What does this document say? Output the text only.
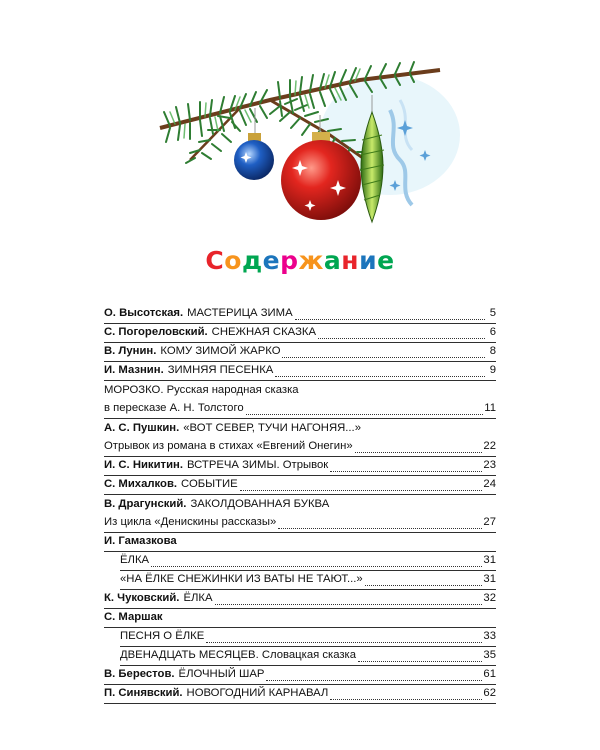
Содержание
О. Высотская. МАСТЕРИЦА ЗИМА	5
С. Погореловский. СНЕЖНАЯ СКАЗКА	6
В. Лунин. КОМУ ЗИМОЙ ЖАРКО	8
И. Мазнин. ЗИМНЯЯ ПЕСЕНКА	9
МОРОЗКО. Русская народная сказка
в пересказе А. Н. Толстого	11
А. С. Пушкин. «ВОТ СЕВЕР, ТУЧИ НАГОНЯЯ...»
Отрывок из романа в стихах «Евгений Онегин»	22
И. С. Никитин. ВСТРЕЧА ЗИМЫ. Отрывок	23
С. Михалков. СОБЫТИЕ	24
В. Драгунский. ЗАКОЛДОВАННАЯ БУКВА
Из цикла «Денискины рассказы»	27
И. Гамазкова
ЁЛКА	31
«НА ЁЛКЕ СНЕЖИНКИ ИЗ ВАТЫ НЕ ТАЮТ...»	31
К. Чуковский. ЁЛКА	32
С. Маршак
ПЕСНЯ О ЁЛКЕ	33
ДВЕНАДЦАТЬ МЕСЯЦЕВ. Словацкая сказка	35
В. Берестов. ЁЛОЧНЫЙ ШАР	61
П. Синявский. НОВОГОДНИЙ КАРНАВАЛ	62
